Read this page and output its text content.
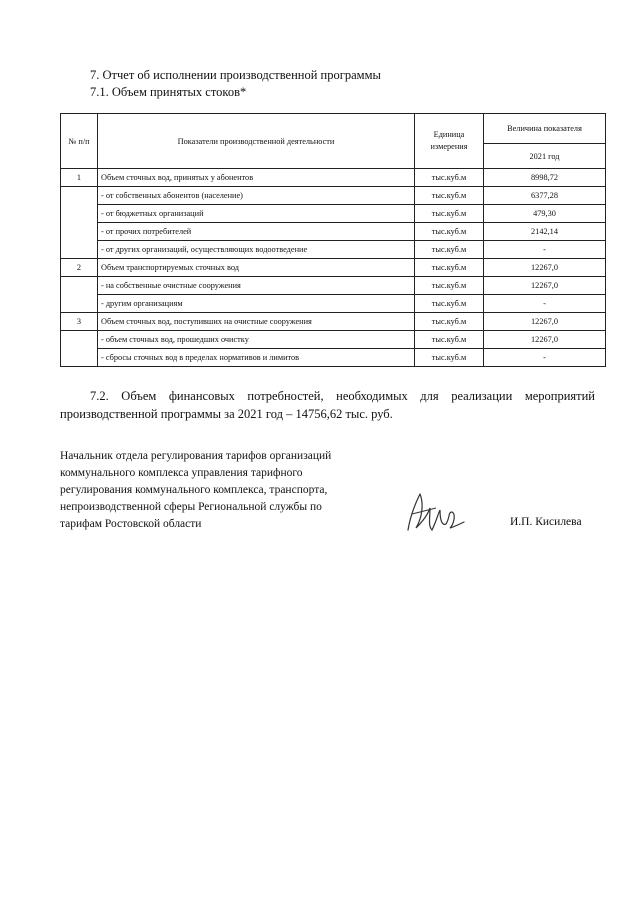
7. Отчет об исполнении производственной программы
7.1. Объем принятых стоков*
№ п/п	Показатели производственной деятельности	Единица измерения	Величина показателя
			2021 год
1	Объем сточных вод, принятых у абонентов	тыс.куб.м	8998,72
	- от собственных абонентов (население)	тыс.куб.м	6377,28
	- от бюджетных организаций	тыс.куб.м	479,30
	- от прочих потребителей	тыс.куб.м	2142,14
	- от других организаций, осуществляющих водоотведение	тыс.куб.м	-
2	Объем транспортируемых сточных вод	тыс.куб.м	12267,0
	- на собственные очистные сооружения	тыс.куб.м	12267,0
	- другим организациям	тыс.куб.м	-
3	Объем сточных вод, поступивших на очистные сооружения	тыс.куб.м	12267,0
	- объем сточных вод, прошедших очистку	тыс.куб.м	12267,0
	- сбросы сточных вод в пределах нормативов и лимитов	тыс.куб.м	-
7.2. Объем финансовых потребностей, необходимых для реализации мероприятий производственной программы за 2021 год – 14756,62 тыс. руб.
Начальник отдела регулирования тарифов организаций
коммунального комплекса управления тарифного
регулирования коммунального комплекса, транспорта,
непроизводственной сферы Региональной службы по
тарифам Ростовской области	И.П. Кисилева
